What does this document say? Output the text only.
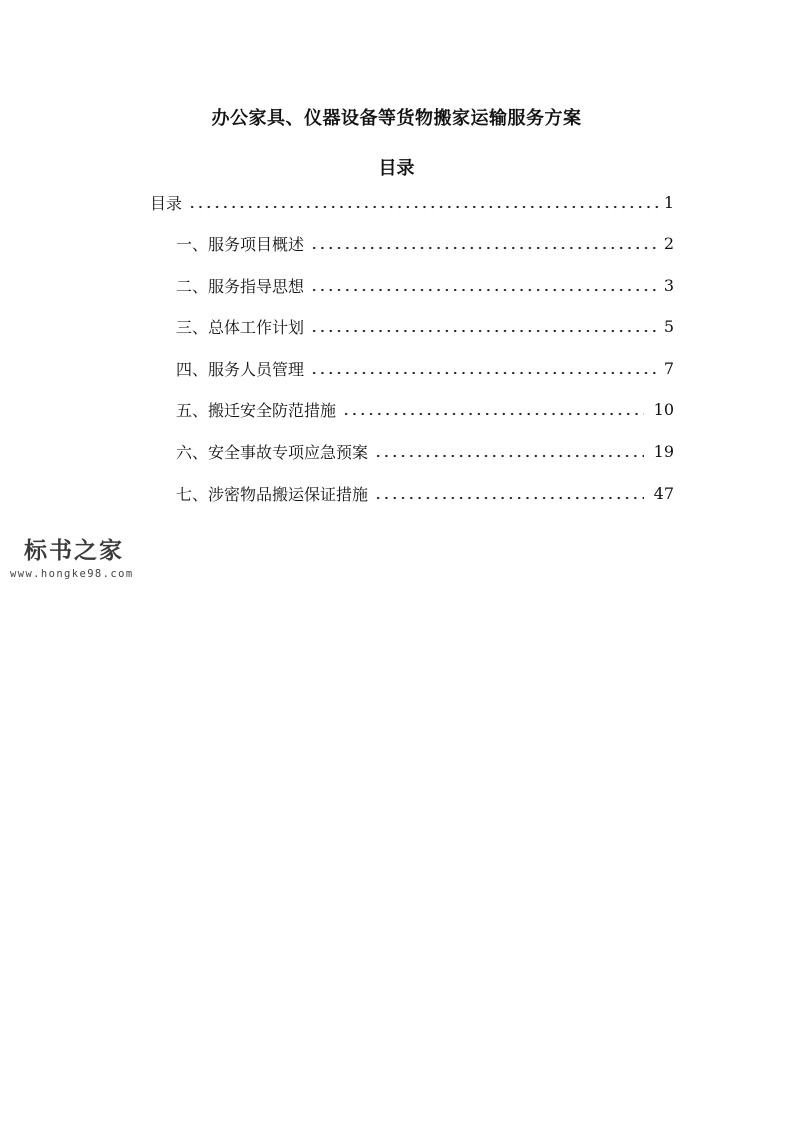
办公家具、仪器设备等货物搬家运输服务方案
目录
目录	1
一、服务项目概述	2
二、服务指导思想	3
三、总体工作计划	5
四、服务人员管理	7
五、搬迁安全防范措施	10
六、安全事故专项应急预案	19
七、涉密物品搬运保证措施	47
标书之家
www.hongke98.com
